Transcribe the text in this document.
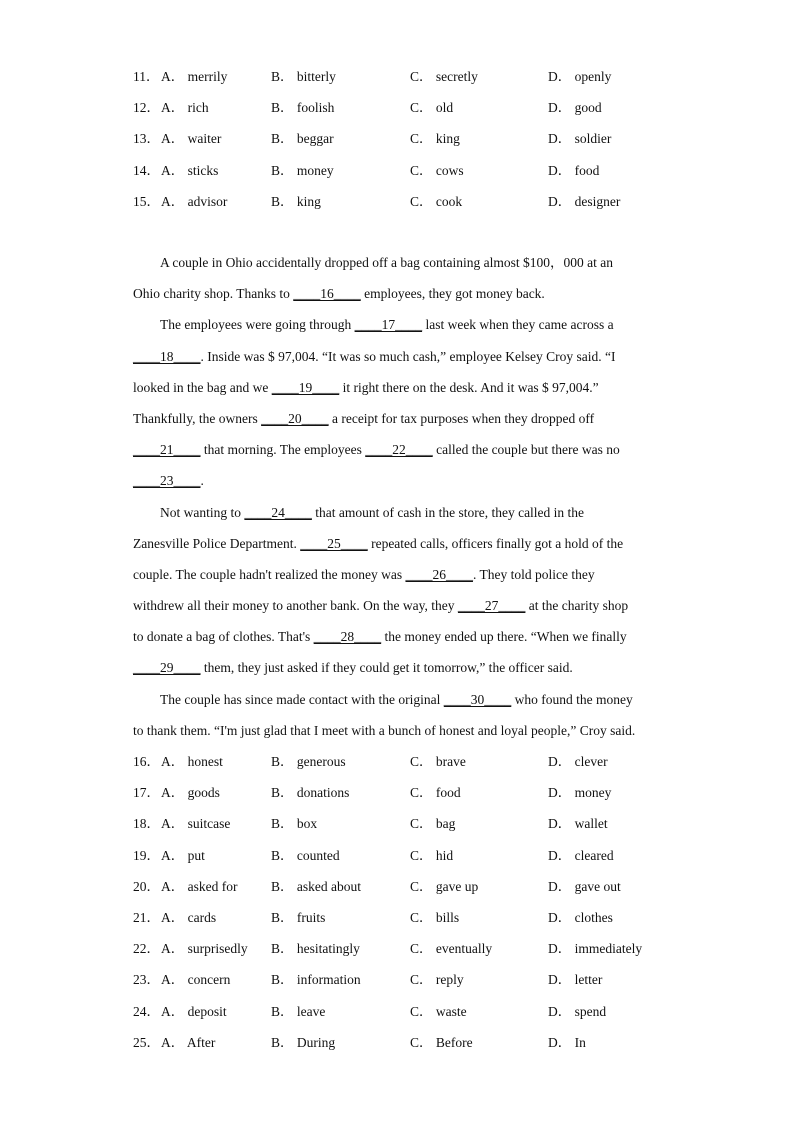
11． A． merrily	B． bitterly	C． secretly	D． openly
12． A． rich	B． foolish	C． old	D． good
13． A． waiter	B． beggar	C． king	D． soldier
14． A． sticks	B． money	C． cows	D． food
15． A． advisor	B． king	C． cook	D． designer
A couple in Ohio accidentally dropped off a bag containing almost $100，000 at an
Ohio charity shop. Thanks to ____16____ employees, they got money back.
The employees were going through ____17____ last week when they came across a
____18____. Inside was $ 97,004. “It was so much cash,” employee Kelsey Croy said. “I
looked in the bag and we ____19____ it right there on the desk. And it was $ 97,004.”
Thankfully, the owners ____20____ a receipt for tax purposes when they dropped off
____21____ that morning. The employees ____22____ called the couple but there was no
____23____.
Not wanting to ____24____ that amount of cash in the store, they called in the
Zanesville Police Department. ____25____ repeated calls, officers finally got a hold of the
couple. The couple hadn't realized the money was ____26____. They told police they
withdrew all their money to another bank. On the way, they ____27____ at the charity shop
to donate a bag of clothes. That's ____28____ the money ended up there. “When we finally
____29____ them, they just asked if they could get it tomorrow,” the officer said.
The couple has since made contact with the original ____30____ who found the money
to thank them. “I'm just glad that I meet with a bunch of honest and loyal people,” Croy said.
16． A． honest	B． generous	C． brave	D． clever
17． A． goods	B． donations	C． food	D． money
18． A． suitcase	B． box	C． bag	D． wallet
19． A． put	B． counted	C． hid	D． cleared
20． A． asked for B． asked about	C． gave up	D． gave out
21． A． cards	B． fruits	C． bills	D． clothes
22． A． surprisedly B． hesitatingly	C． eventually	D． immediately
23． A． concern	B． information	C． reply	D． letter
24． A． deposit	B． leave	C． waste	D． spend
25． A． After	B． During	C． Before	D． In
